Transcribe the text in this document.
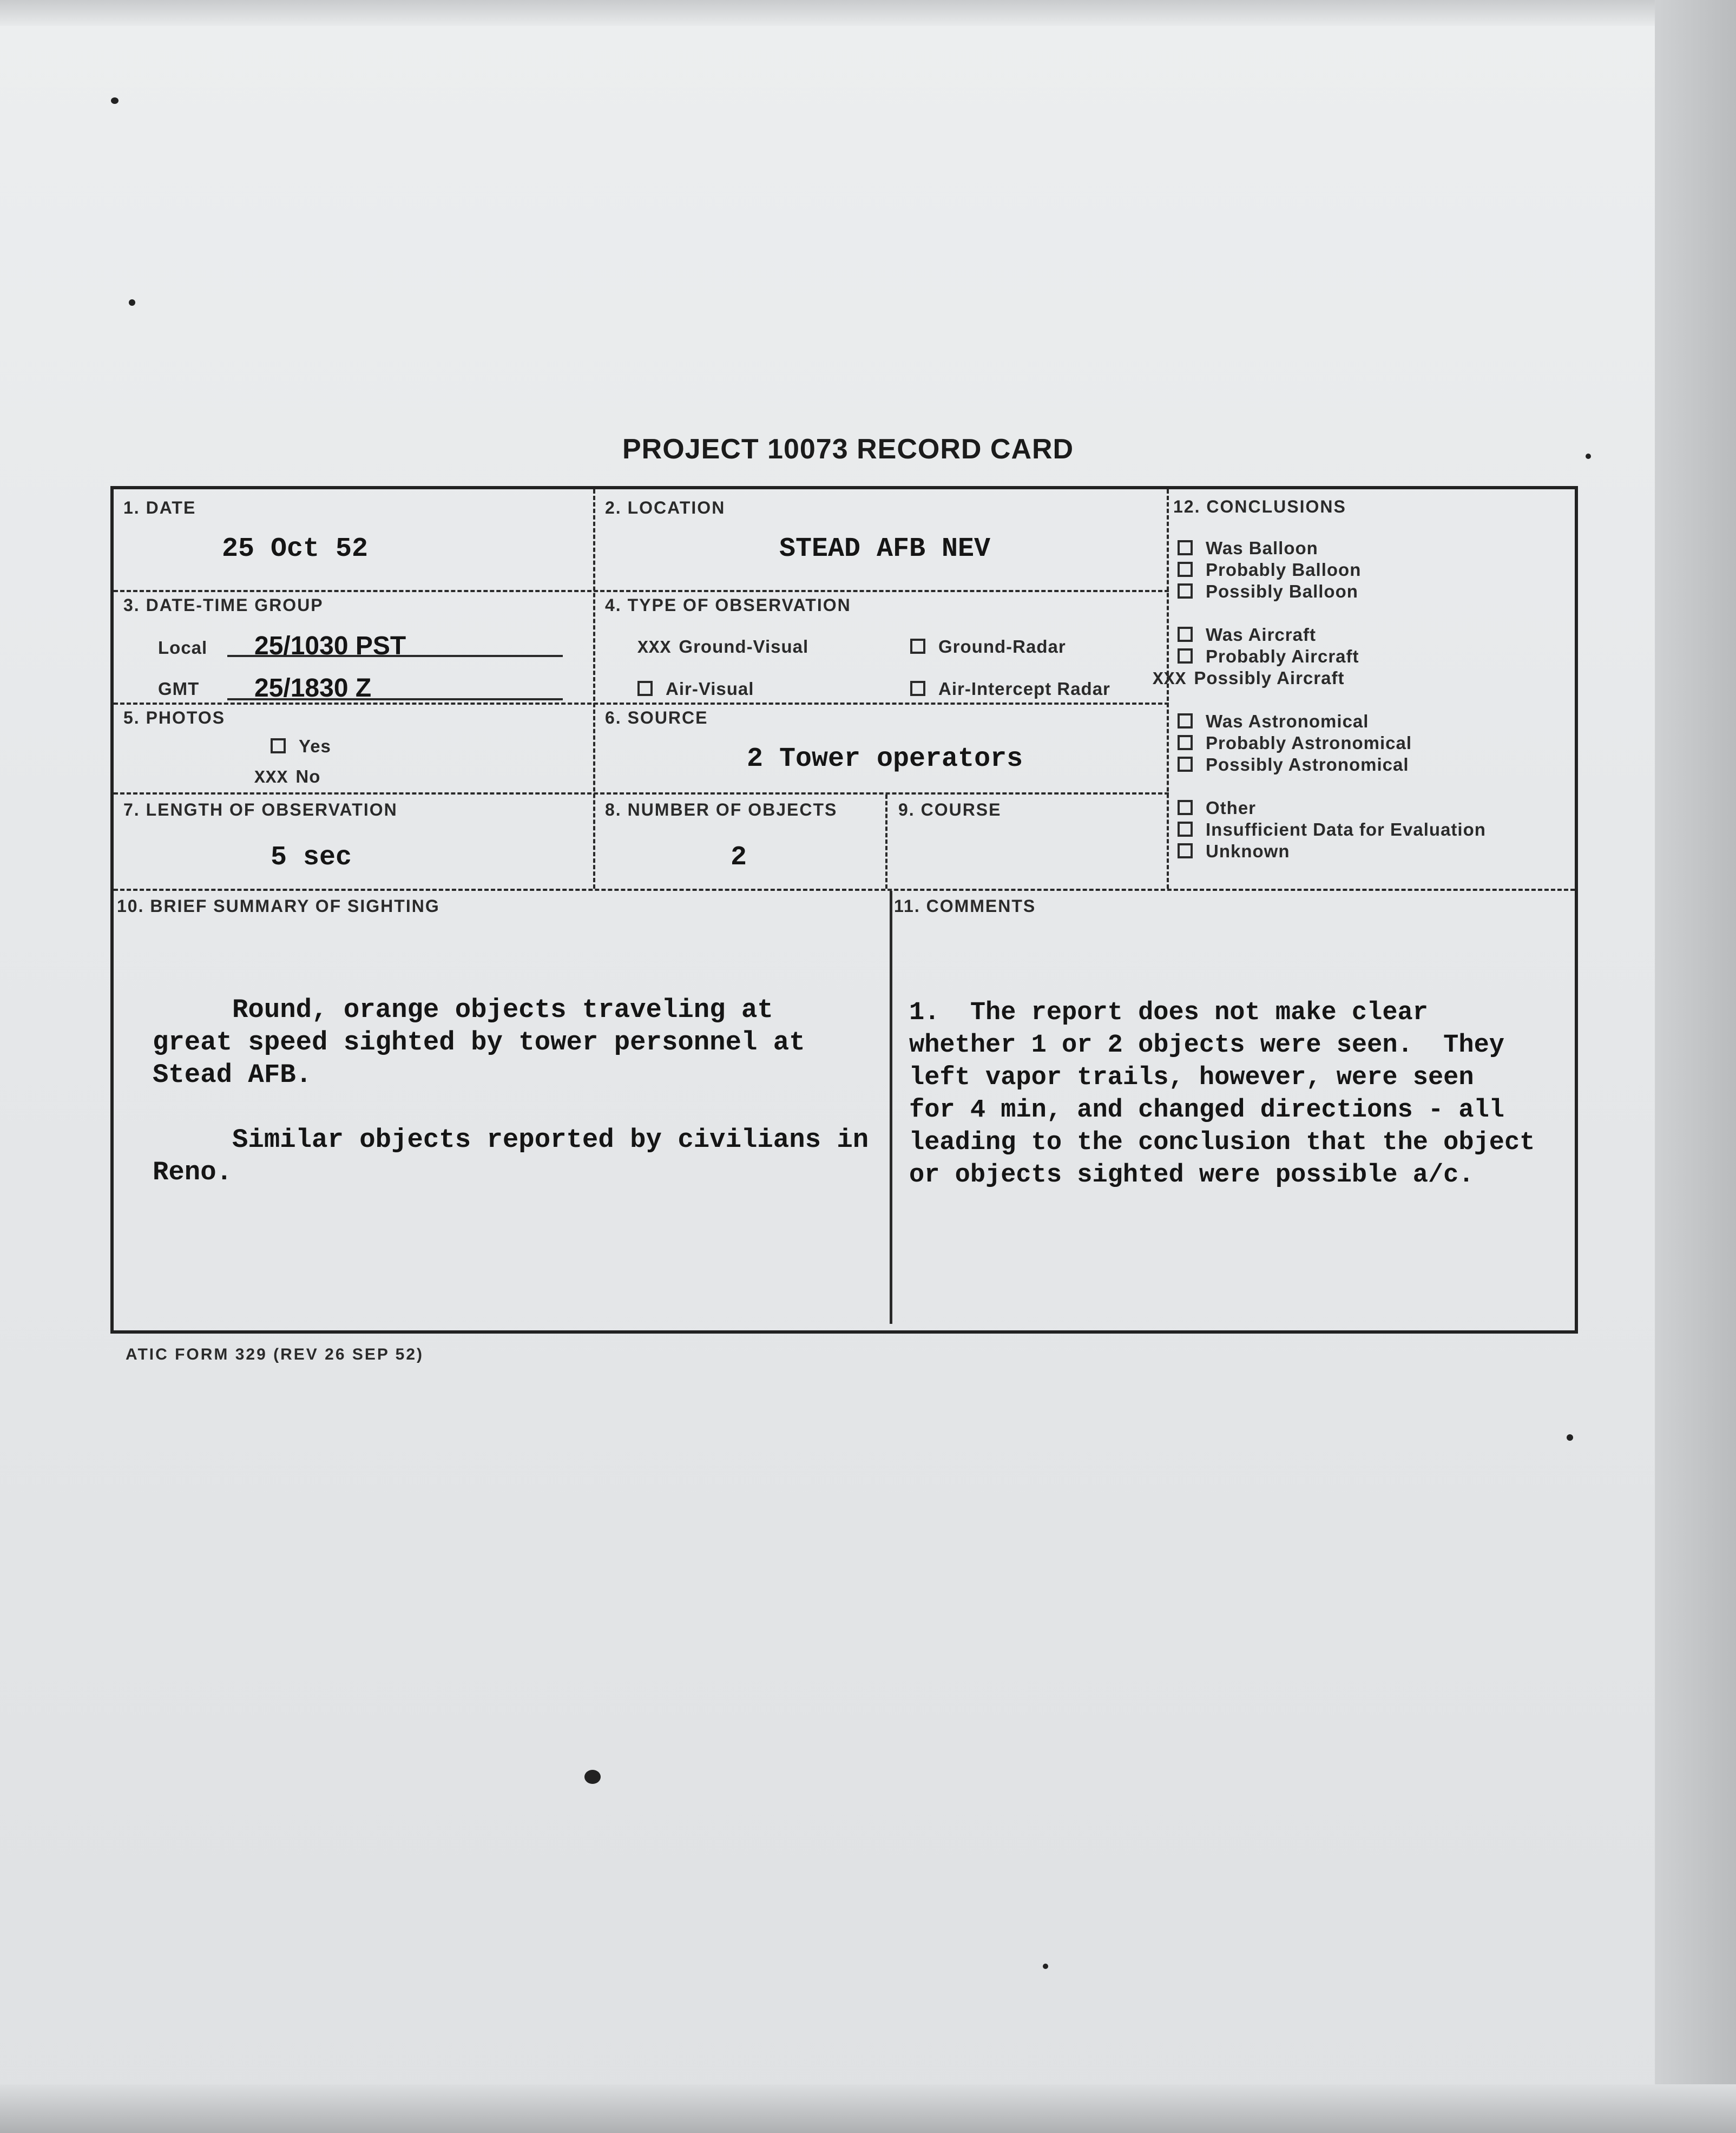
PROJECT 10073 RECORD CARD
1. DATE
25 Oct 52
2. LOCATION
STEAD AFB NEV
3. DATE-TIME GROUP
Local 25/1030 PST
GMT 25/1830 Z
4. TYPE OF OBSERVATION
XXX Ground-Visual	Ground-Radar
Air-Visual	Air-Intercept Radar
5. PHOTOS
Yes
XXX No
6. SOURCE
2 Tower operators
7. LENGTH OF OBSERVATION
5 sec
8. NUMBER OF OBJECTS
2
9. COURSE
12. CONCLUSIONS
Was Balloon
Probably Balloon
Possibly Balloon
Was Aircraft
Probably Aircraft
XXX Possibly Aircraft
Was Astronomical
Probably Astronomical
Possibly Astronomical
Other
Insufficient Data for Evaluation
Unknown
10. BRIEF SUMMARY OF SIGHTING
Round, orange objects traveling at
great speed sighted by tower personnel at
Stead AFB.

Similar objects reported by civilians in
Reno.
11. COMMENTS
1.  The report does not make clear
whether 1 or 2 objects were seen.  They
left vapor trails, however, were seen
for 4 min, and changed directions - all
leading to the conclusion that the object
or objects sighted were possible a/c.
ATIC FORM 329 (REV 26 SEP 52)
